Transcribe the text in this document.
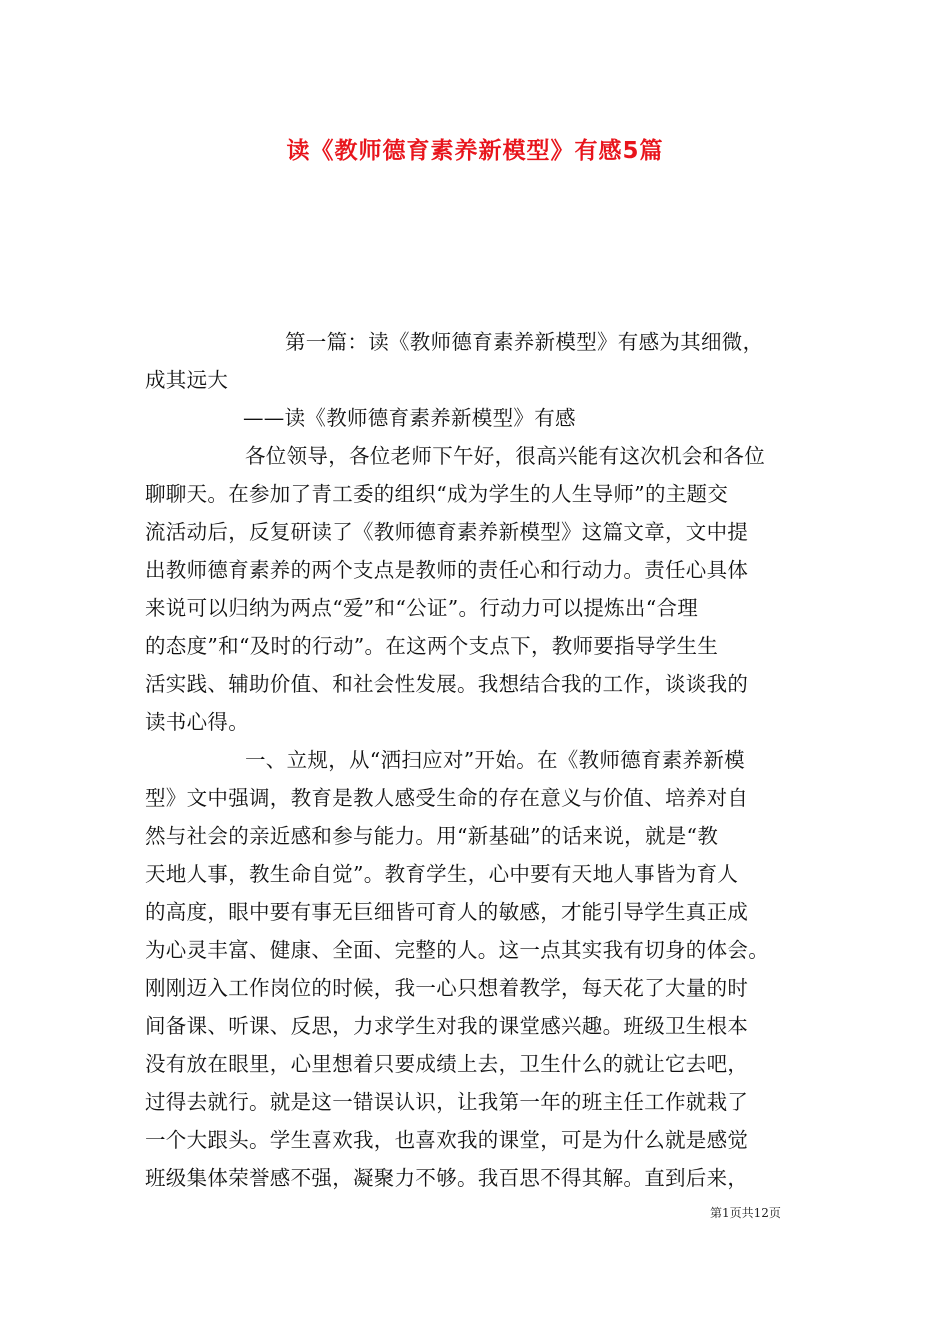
读《教师德育素养新模型》有感5篇
第一篇：读《教师德育素养新模型》有感为其细微，
成其远大
——读《教师德育素养新模型》有感
各位领导，各位老师下午好，很高兴能有这次机会和各位
聊聊天。在参加了青工委的组织“成为学生的人生导师”的主题交
流活动后，反复研读了《教师德育素养新模型》这篇文章，文中提
出教师德育素养的两个支点是教师的责任心和行动力。责任心具体
来说可以归纳为两点“爱”和“公证”。行动力可以提炼出“合理
的态度”和“及时的行动”。在这两个支点下，教师要指导学生生
活实践、辅助价值、和社会性发展。我想结合我的工作，谈谈我的
读书心得。
一、立规，从“洒扫应对”开始。在《教师德育素养新模
型》文中强调，教育是教人感受生命的存在意义与价值、培养对自
然与社会的亲近感和参与能力。用“新基础”的话来说，就是“教
天地人事，教生命自觉”。教育学生，心中要有天地人事皆为育人
的高度，眼中要有事无巨细皆可育人的敏感，才能引导学生真正成
为心灵丰富、健康、全面、完整的人。这一点其实我有切身的体会。
刚刚迈入工作岗位的时候，我一心只想着教学，每天花了大量的时
间备课、听课、反思，力求学生对我的课堂感兴趣。班级卫生根本
没有放在眼里，心里想着只要成绩上去，卫生什么的就让它去吧，
过得去就行。就是这一错误认识，让我第一年的班主任工作就栽了
一个大跟头。学生喜欢我，也喜欢我的课堂，可是为什么就是感觉
班级集体荣誉感不强，凝聚力不够。我百思不得其解。直到后来，
第1页共12页
